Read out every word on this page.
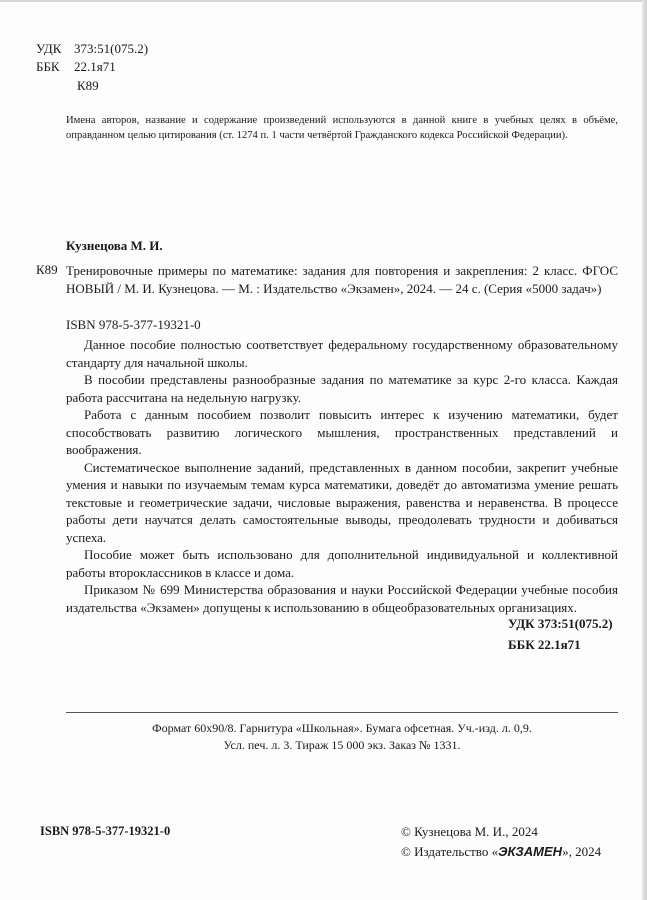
УДК 373:51(075.2)
ББК 22.1я71
К89
Имена авторов, название и содержание произведений используются в данной книге в учебных целях в объёме, оправданном целью цитирования (ст. 1274 п. 1 части четвёртой Гражданского кодекса Российской Федерации).
Кузнецова М. И.
К89 Тренировочные примеры по математике: задания для повторения и закрепления: 2 класс. ФГОС НОВЫЙ / М. И. Кузнецова. — М. : Издательство «Экзамен», 2024. — 24 с. (Серия «5000 задач»)
ISBN 978-5-377-19321-0

Данное пособие полностью соответствует федеральному государственному образовательному стандарту для начальной школы.

В пособии представлены разнообразные задания по математике за курс 2-го класса. Каждая работа рассчитана на недельную нагрузку.

Работа с данным пособием позволит повысить интерес к изучению математики, будет способствовать развитию логического мышления, пространственных представлений и воображения.

Систематическое выполнение заданий, представленных в данном пособии, закрепит учебные умения и навыки по изучаемым темам курса математики, доведёт до автоматизма умение решать текстовые и геометрические задачи, числовые выражения, равенства и неравенства. В процессе работы дети научатся делать самостоятельные выводы, преодолевать трудности и добиваться успеха.

Пособие может быть использовано для дополнительной индивидуальной и коллективной работы второклассников в классе и дома.

Приказом № 699 Министерства образования и науки Российской Федерации учебные пособия издательства «Экзамен» допущены к использованию в общеобразовательных организациях.

УДК 373:51(075.2)
ББК 22.1я71
Формат 60x90/8. Гарнитура «Школьная». Бумага офсетная. Уч.-изд. л. 0,9.
Усл. печ. л. 3. Тираж 15 000 экз. Заказ № 1331.
ISBN 978-5-377-19321-0	© Кузнецова М. И., 2024
© Издательство «ЭКЗАМЕН», 2024
